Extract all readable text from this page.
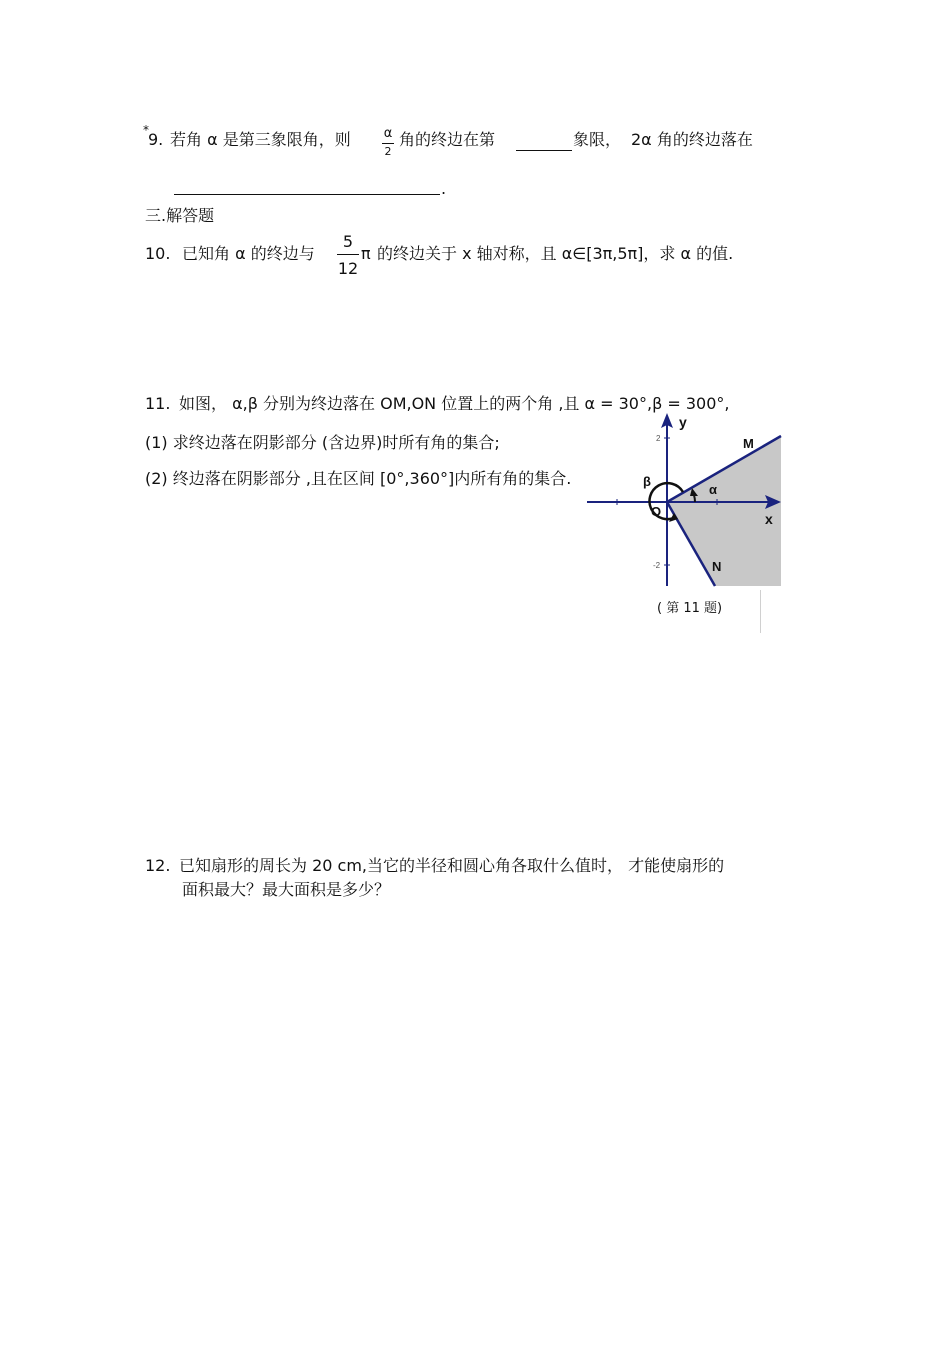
* 9. 若角 α 是第三象限角，则	α
2
角的终边在第	象限， 2α 角的终边落在
.
三.解答题
10. 已知角 α 的终边与
5
12
π 的终边关于 x 轴对称，且 α∈[3π,5π]，求 α 的值.
11. 如图， α,β 分别为终边落在 OM,ON 位置上的两个角 ,且 α = 30°,β = 300°,
(1) 求终边落在阴影部分 (含边界)时所有角的集合;
(2) 终边落在阴影部分 ,且在区间 [0°,360°]内所有角的集合.
y
x
M
N
O
α
β
2
-2
( 第 11 题)
12. 已知扇形的周长为 20 cm,当它的半径和圆心角各取什么值时， 才能使扇形的
面积最大？最大面积是多少？
